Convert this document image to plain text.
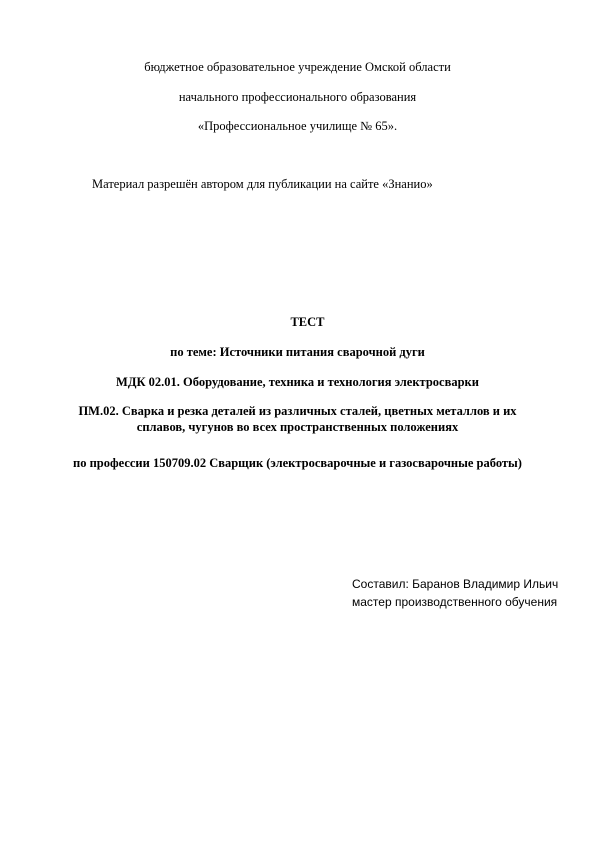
бюджетное образовательное учреждение Омской области
начального профессионального образования
«Профессиональное училище № 65».
Материал разрешён автором для публикации на сайте «Знанио»
ТЕСТ
по теме: Источники питания сварочной дуги
МДК 02.01. Оборудование, техника и технология электросварки
ПМ.02. Сварка и резка деталей из различных сталей, цветных металлов и их
сплавов, чугунов во всех пространственных положениях
по профессии 150709.02 Сварщик (электросварочные и газосварочные работы)
Составил: Баранов Владимир Ильич
мастер производственного обучения
